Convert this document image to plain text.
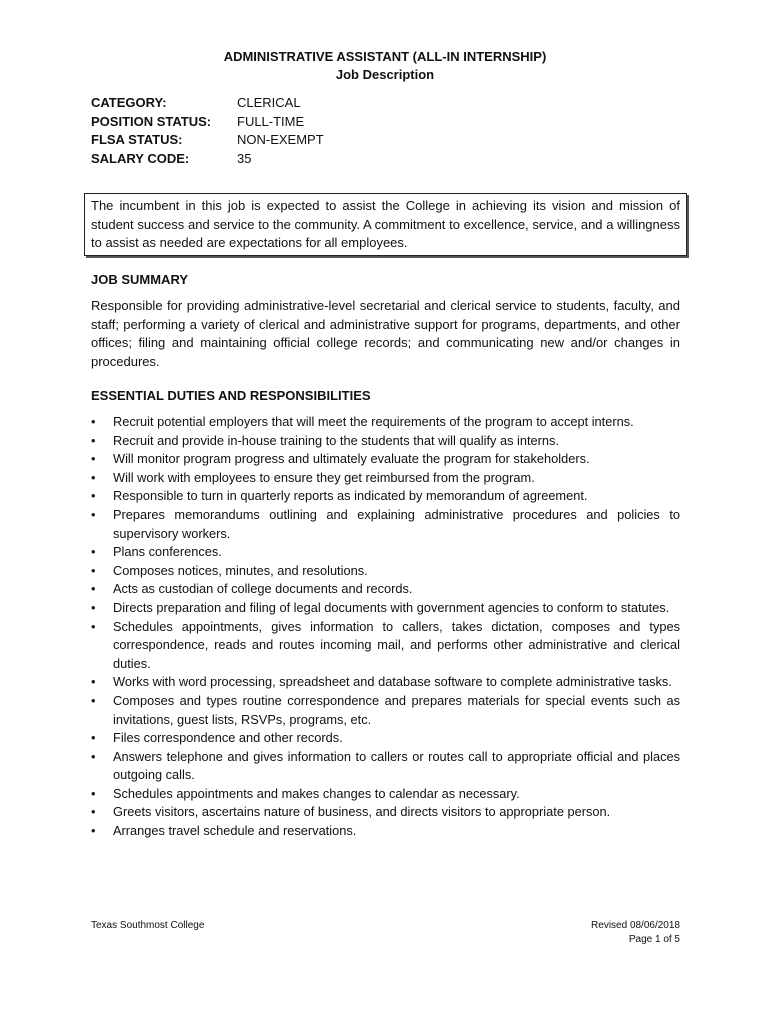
ADMINISTRATIVE ASSISTANT (ALL-IN INTERNSHIP)
Job Description
CATEGORY:	CLERICAL
POSITION STATUS:	FULL-TIME
FLSA STATUS:	NON-EXEMPT
SALARY CODE:	35
The incumbent in this job is expected to assist the College in achieving its vision and mission of student success and service to the community. A commitment to excellence, service, and a willingness to assist as needed are expectations for all employees.
JOB SUMMARY

Responsible for providing administrative-level secretarial and clerical service to students, faculty, and staff; performing a variety of clerical and administrative support for programs, departments, and other offices; filing and maintaining official college records; and communicating new and/or changes in procedures.

ESSENTIAL DUTIES AND RESPONSIBILITIES
• Recruit potential employers that will meet the requirements of the program to accept interns.
• Recruit and provide in-house training to the students that will qualify as interns.
• Will monitor program progress and ultimately evaluate the program for stakeholders.
• Will work with employees to ensure they get reimbursed from the program.
• Responsible to turn in quarterly reports as indicated by memorandum of agreement.
• Prepares memorandums outlining and explaining administrative procedures and policies to supervisory workers.
• Plans conferences.
• Composes notices, minutes, and resolutions.
• Acts as custodian of college documents and records.
• Directs preparation and filing of legal documents with government agencies to conform to statutes.
• Schedules appointments, gives information to callers, takes dictation, composes and types correspondence, reads and routes incoming mail, and performs other administrative and clerical duties.
• Works with word processing, spreadsheet and database software to complete administrative tasks.
• Composes and types routine correspondence and prepares materials for special events such as invitations, guest lists, RSVPs, programs, etc.
• Files correspondence and other records.
• Answers telephone and gives information to callers or routes call to appropriate official and places outgoing calls.
• Schedules appointments and makes changes to calendar as necessary.
• Greets visitors, ascertains nature of business, and directs visitors to appropriate person.
• Arranges travel schedule and reservations.
Texas Southmost College	Revised 08/06/2018
Page 1 of 5
